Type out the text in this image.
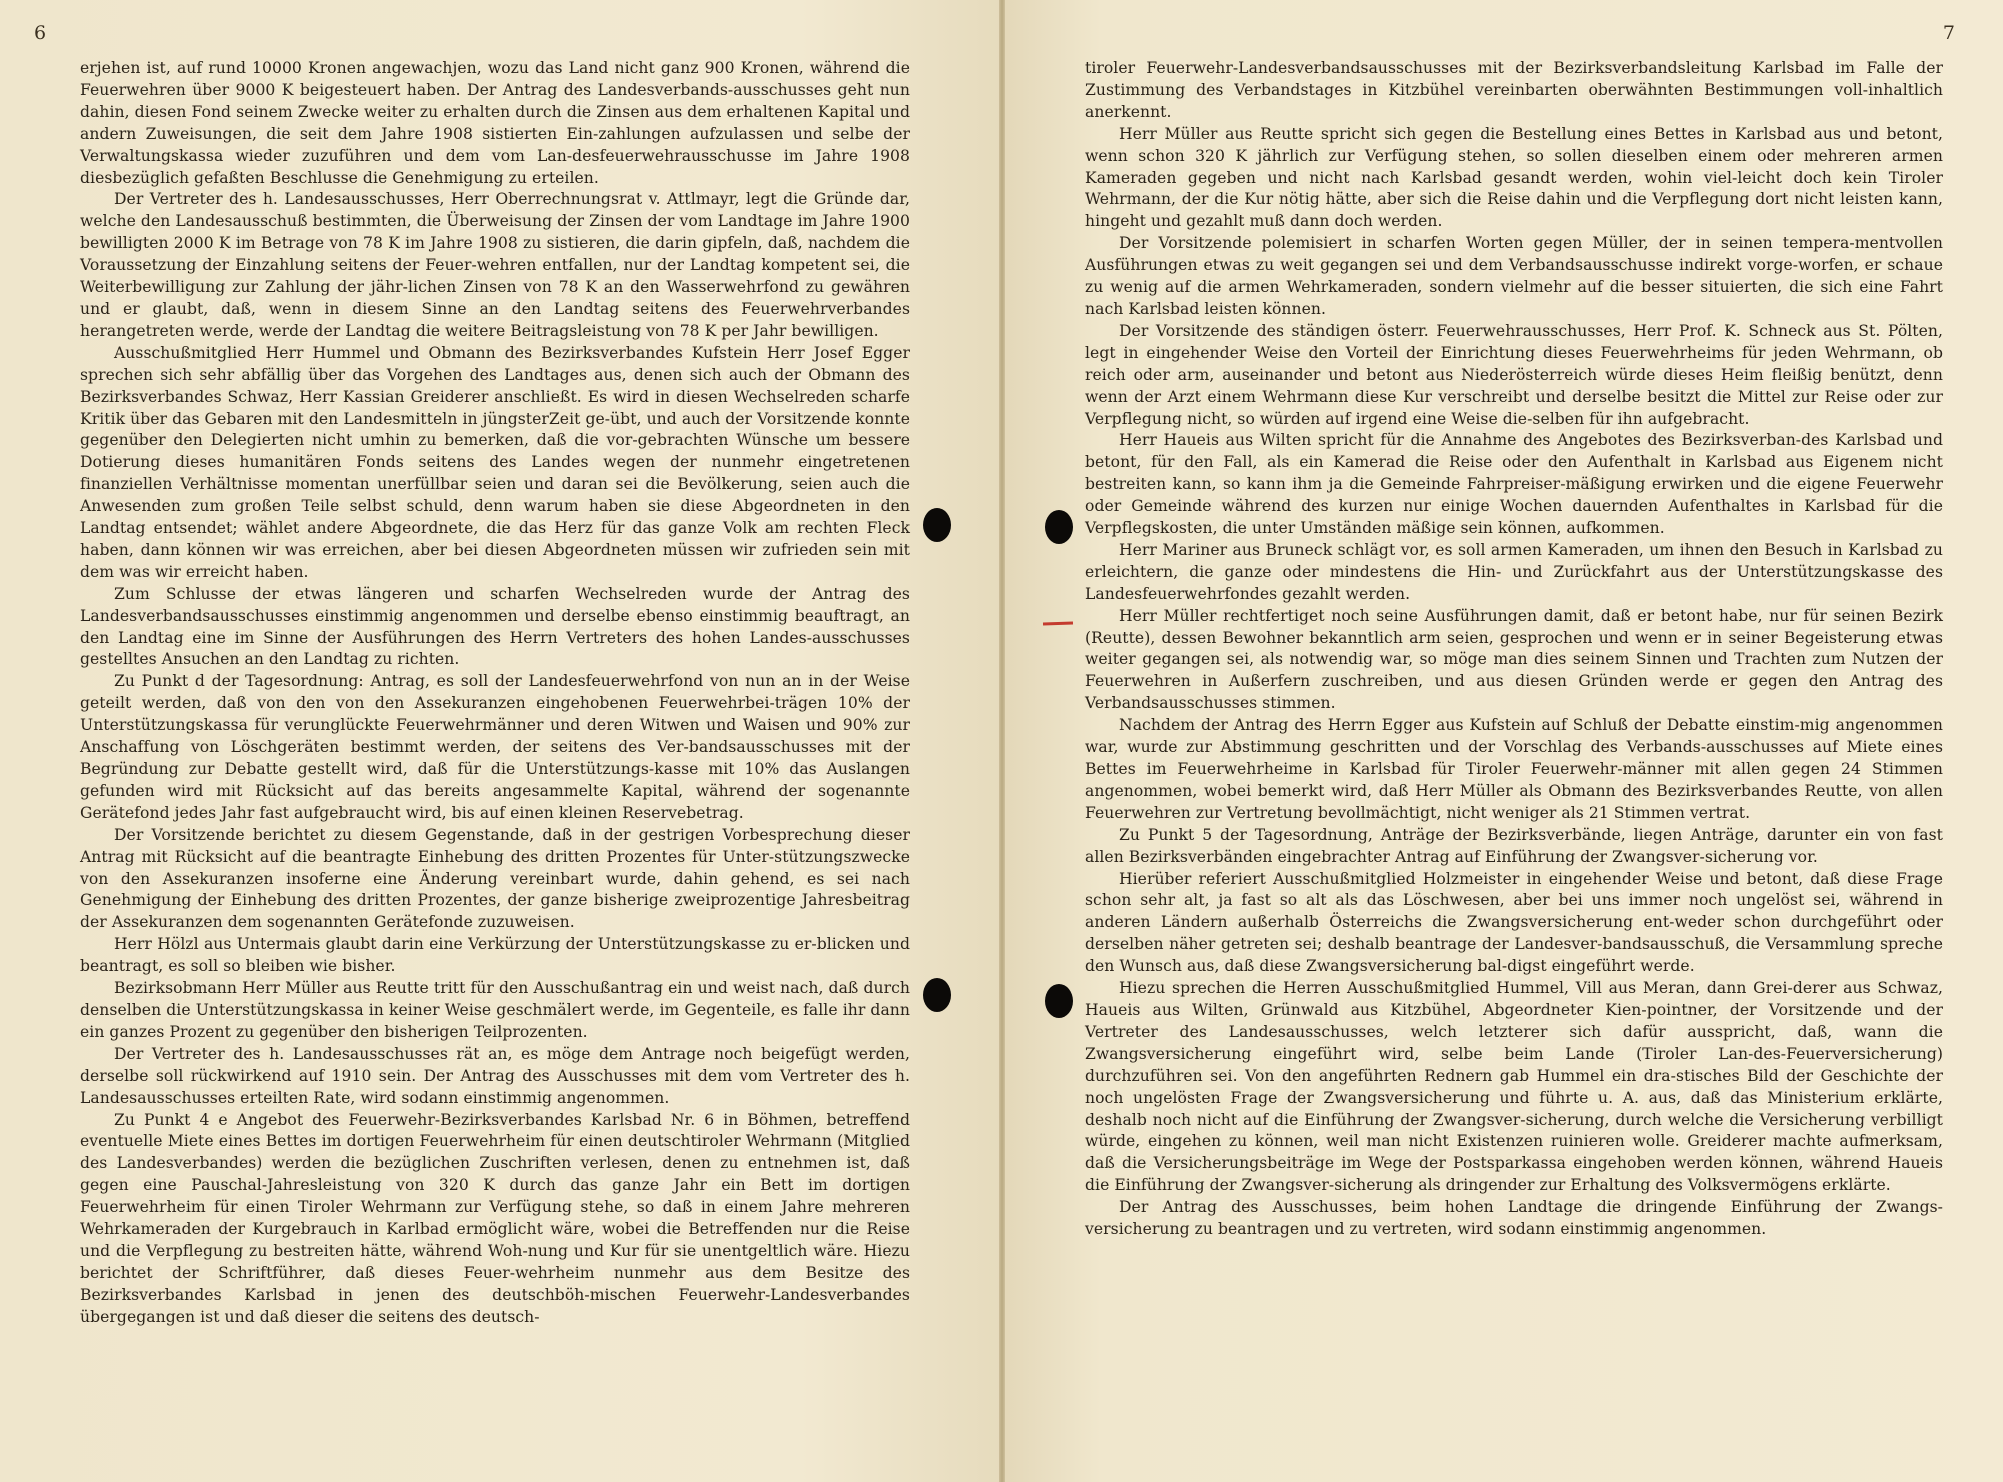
6

erjehen ist, auf rund 10000 Kronen angewachjen, wozu das Land nicht ganz 900 Kronen, während die Feuerwehren über 9000 K beigesteuert haben. Der Antrag des Landesverbands-ausschusses geht nun dahin, diesen Fond seinem Zwecke weiter zu erhalten durch die Zinsen aus dem erhaltenen Kapital und andern Zuweisungen, die seit dem Jahre 1908 sistierten Ein-zahlungen aufzulassen und selbe der Verwaltungskassa wieder zuzuführen und dem vom Lan-desfeuerwehrausschusse im Jahre 1908 diesbezüglich gefaßten Beschlusse die Genehmigung zu erteilen.

Der Vertreter des h. Landesausschusses, Herr Oberrechnungsrat v. Attlmayr, legt die Gründe dar, welche den Landesausschuß bestimmten, die Überweisung der Zinsen der vom Landtage im Jahre 1900 bewilligten 2000 K im Betrage von 78 K im Jahre 1908 zu sistieren, die darin gipfeln, daß, nachdem die Voraussetzung der Einzahlung seitens der Feuer-wehren entfallen, nur der Landtag kompetent sei, die Weiterbewilligung zur Zahlung der jähr-lichen Zinsen von 78 K an den Wasserwehrfond zu gewähren und er glaubt, daß, wenn in diesem Sinne an den Landtag seitens des Feuerwehrverbandes herangetreten werde, werde der Landtag die weitere Beitragsleistung von 78 K per Jahr bewilligen.

Ausschußmitglied Herr Hummel und Obmann des Bezirksverbandes Kufstein Herr Josef Egger sprechen sich sehr abfällig über das Vorgehen des Landtages aus, denen sich auch der Obmann des Bezirksverbandes Schwaz, Herr Kassian Greiderer anschließt. Es wird in diesen Wechselreden scharfe Kritik über das Gebaren mit den Landesmitteln in jüngsterZeit ge-übt, und auch der Vorsitzende konnte gegenüber den Delegierten nicht umhin zu bemerken, daß die vor-gebrachten Wünsche um bessere Dotierung dieses humanitären Fonds seitens des Landes wegen der nunmehr eingetretenen finanziellen Verhältnisse momentan unerfüllbar seien und daran sei die Bevölkerung, seien auch die Anwesenden zum großen Teile selbst schuld, denn warum haben sie diese Abgeordneten in den Landtag entsendet; wählet andere Abgeordnete, die das Herz für das ganze Volk am rechten Fleck haben, dann können wir was erreichen, aber bei diesen Abgeordneten müssen wir zufrieden sein mit dem was wir erreicht haben.

Zum Schlusse der etwas längeren und scharfen Wechselreden wurde der Antrag des Landesverbandsausschusses einstimmig angenommen und derselbe ebenso einstimmig beauftragt, an den Landtag eine im Sinne der Ausführungen des Herrn Vertreters des hohen Landes-ausschusses gestelltes Ansuchen an den Landtag zu richten.

Zu Punkt d der Tagesordnung: Antrag, es soll der Landesfeuerwehrfond von nun an in der Weise geteilt werden, daß von den von den Assekuranzen eingehobenen Feuerwehrbei-trägen 10% der Unterstützungskassa für verunglückte Feuerwehrmänner und deren Witwen und Waisen und 90% zur Anschaffung von Löschgeräten bestimmt werden, der seitens des Ver-bandsausschusses mit der Begründung zur Debatte gestellt wird, daß für die Unterstützungs-kasse mit 10% das Auslangen gefunden wird mit Rücksicht auf das bereits angesammelte Kapital, während der sogenannte Gerätefond jedes Jahr fast aufgebraucht wird, bis auf einen kleinen Reservebetrag.

Der Vorsitzende berichtet zu diesem Gegenstande, daß in der gestrigen Vorbesprechung dieser Antrag mit Rücksicht auf die beantragte Einhebung des dritten Prozentes für Unter-stützungszwecke von den Assekuranzen insoferne eine Änderung vereinbart wurde, dahin gehend, es sei nach Genehmigung der Einhebung des dritten Prozentes, der ganze bisherige zweiprozentige Jahresbeitrag der Assekuranzen dem sogenannten Gerätefonde zuzuweisen.

Herr Hölzl aus Untermais glaubt darin eine Verkürzung der Unterstützungskasse zu er-blicken und beantragt, es soll so bleiben wie bisher.

Bezirksobmann Herr Müller aus Reutte tritt für den Ausschußantrag ein und weist nach, daß durch denselben die Unterstützungskassa in keiner Weise geschmälert werde, im Gegenteile, es falle ihr dann ein ganzes Prozent zu gegenüber den bisherigen Teilprozenten.

Der Vertreter des h. Landesausschusses rät an, es möge dem Antrage noch beigefügt werden, derselbe soll rückwirkend auf 1910 sein. Der Antrag des Ausschusses mit dem vom Vertreter des h. Landesausschusses erteilten Rate, wird sodann einstimmig angenommen.

Zu Punkt 4 e Angebot des Feuerwehr-Bezirksverbandes Karlsbad Nr. 6 in Böhmen, betreffend eventuelle Miete eines Bettes im dortigen Feuerwehrheim für einen deutschtiroler Wehrmann (Mitglied des Landesverbandes) werden die bezüglichen Zuschriften verlesen, denen zu entnehmen ist, daß gegen eine Pauschal-Jahresleistung von 320 K durch das ganze Jahr ein Bett im dortigen Feuerwehrheim für einen Tiroler Wehrmann zur Verfügung stehe, so daß in einem Jahre mehreren Wehrkameraden der Kurgebrauch in Karlbad ermöglicht wäre, wobei die Betreffenden nur die Reise und die Verpflegung zu bestreiten hätte, während Woh-nung und Kur für sie unentgeltlich wäre. Hiezu berichtet der Schriftführer, daß dieses Feuer-wehrheim nunmehr aus dem Besitze des Bezirksverbandes Karlsbad in jenen des deutschböh-mischen Feuerwehr-Landesverbandes übergegangen ist und daß dieser die seitens des deutsch-

7

tiroler Feuerwehr-Landesverbandsausschusses mit der Bezirksverbandsleitung Karlsbad im Falle der Zustimmung des Verbandstages in Kitzbühel vereinbarten oberwähnten Bestimmungen voll-inhaltlich anerkennt.

Herr Müller aus Reutte spricht sich gegen die Bestellung eines Bettes in Karlsbad aus und betont, wenn schon 320 K jährlich zur Verfügung stehen, so sollen dieselben einem oder mehreren armen Kameraden gegeben und nicht nach Karlsbad gesandt werden, wohin viel-leicht doch kein Tiroler Wehrmann, der die Kur nötig hätte, aber sich die Reise dahin und die Verpflegung dort nicht leisten kann, hingeht und gezahlt muß dann doch werden.

Der Vorsitzende polemisiert in scharfen Worten gegen Müller, der in seinen tempera-mentvollen Ausführungen etwas zu weit gegangen sei und dem Verbandsausschusse indirekt vorge-worfen, er schaue zu wenig auf die armen Wehrkameraden, sondern vielmehr auf die besser situierten, die sich eine Fahrt nach Karlsbad leisten können.

Der Vorsitzende des ständigen österr. Feuerwehrausschusses, Herr Prof. K. Schneck aus St. Pölten, legt in eingehender Weise den Vorteil der Einrichtung dieses Feuerwehrheims für jeden Wehrmann, ob reich oder arm, auseinander und betont aus Niederösterreich würde dieses Heim fleißig benützt, denn wenn der Arzt einem Wehrmann diese Kur verschreibt und derselbe besitzt die Mittel zur Reise oder zur Verpflegung nicht, so würden auf irgend eine Weise die-selben für ihn aufgebracht.

Herr Haueis aus Wilten spricht für die Annahme des Angebotes des Bezirksverban-des Karlsbad und betont, für den Fall, als ein Kamerad die Reise oder den Aufenthalt in Karlsbad aus Eigenem nicht bestreiten kann, so kann ihm ja die Gemeinde Fahrpreiser-mäßigung erwirken und die eigene Feuerwehr oder Gemeinde während des kurzen nur einige Wochen dauernden Aufenthaltes in Karlsbad für die Verpflegskosten, die unter Umständen mäßige sein können, aufkommen.

Herr Mariner aus Bruneck schlägt vor, es soll armen Kameraden, um ihnen den Besuch in Karlsbad zu erleichtern, die ganze oder mindestens die Hin- und Zurückfahrt aus der Unterstützungskasse des Landesfeuerwehrfondes gezahlt werden.

Herr Müller rechtfertiget noch seine Ausführungen damit, daß er betont habe, nur für seinen Bezirk (Reutte), dessen Bewohner bekanntlich arm seien, gesprochen und wenn er in seiner Begeisterung etwas weiter gegangen sei, als notwendig war, so möge man dies seinem Sinnen und Trachten zum Nutzen der Feuerwehren in Außerfern zuschreiben, und aus diesen Gründen werde er gegen den Antrag des Verbandsausschusses stimmen.

Nachdem der Antrag des Herrn Egger aus Kufstein auf Schluß der Debatte einstim-mig angenommen war, wurde zur Abstimmung geschritten und der Vorschlag des Verbands-ausschusses auf Miete eines Bettes im Feuerwehrheime in Karlsbad für Tiroler Feuerwehr-männer mit allen gegen 24 Stimmen angenommen, wobei bemerkt wird, daß Herr Müller als Obmann des Bezirksverbandes Reutte, von allen Feuerwehren zur Vertretung bevollmächtigt, nicht weniger als 21 Stimmen vertrat.

Zu Punkt 5 der Tagesordnung, Anträge der Bezirksverbände, liegen Anträge, darunter ein von fast allen Bezirksverbänden eingebrachter Antrag auf Einführung der Zwangsver-sicherung vor.

Hierüber referiert Ausschußmitglied Holzmeister in eingehender Weise und betont, daß diese Frage schon sehr alt, ja fast so alt als das Löschwesen, aber bei uns immer noch ungelöst sei, während in anderen Ländern außerhalb Österreichs die Zwangsversicherung ent-weder schon durchgeführt oder derselben näher getreten sei; deshalb beantrage der Landesver-bandsausschuß, die Versammlung spreche den Wunsch aus, daß diese Zwangsversicherung bal-digst eingeführt werde.

Hiezu sprechen die Herren Ausschußmitglied Hummel, Vill aus Meran, dann Grei-derer aus Schwaz, Haueis aus Wilten, Grünwald aus Kitzbühel, Abgeordneter Kien-pointner, der Vorsitzende und der Vertreter des Landesausschusses, welch letzterer sich dafür ausspricht, daß, wann die Zwangsversicherung eingeführt wird, selbe beim Lande (Tiroler Lan-des-Feuerversicherung) durchzuführen sei. Von den angeführten Rednern gab Hummel ein dra-stisches Bild der Geschichte der noch ungelösten Frage der Zwangsversicherung und führte u. A. aus, daß das Ministerium erklärte, deshalb noch nicht auf die Einführung der Zwangsver-sicherung, durch welche die Versicherung verbilligt würde, eingehen zu können, weil man nicht Existenzen ruinieren wolle. Greiderer machte aufmerksam, daß die Versicherungsbeiträge im Wege der Postsparkassa eingehoben werden können, während Haueis die Einführung der Zwangsver-sicherung als dringender zur Erhaltung des Volksvermögens erklärte.

Der Antrag des Ausschusses, beim hohen Landtage die dringende Einführung der Zwangs-versicherung zu beantragen und zu vertreten, wird sodann einstimmig angenommen.
